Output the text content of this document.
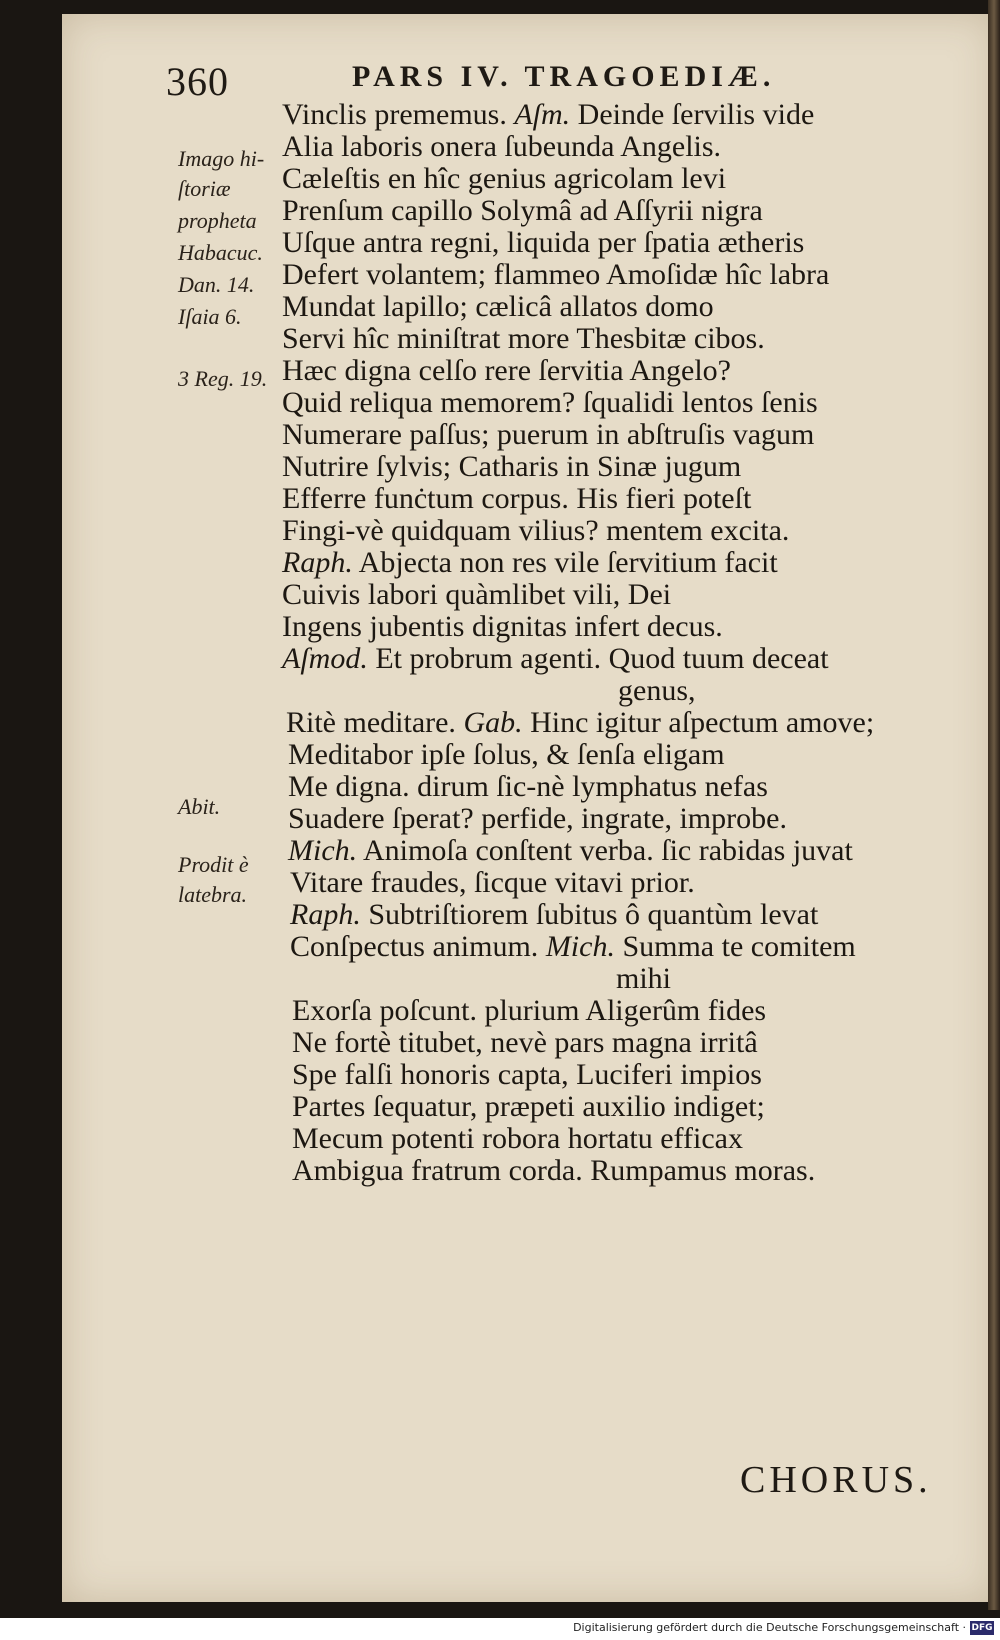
360	PARS IV. TRAGOEDIÆ.
Imago hi-
ſtoriæ
propheta
Habacuc.
Dan. 14.
Iſaia 6.
3 Reg. 19.
Abit.
Prodit è
latebra.
Vinclis prememus. Aſm. Deinde ſervilis vide
Alia laboris onera ſubeunda Angelis.
Cæleſtis en hîc genius agricolam levi
Prenſum capillo Solymâ ad Aſſyrii nigra
Uſque antra regni, liquida per ſpatia ætheris
Defert volantem; flammeo Amoſidæ hîc labra
Mundat lapillo; cælicâ allatos domo
Servi hîc miniſtrat more Thesbitæ cibos.
Hæc digna celſo rere ſervitia Angelo?
Quid reliqua memorem? ſqualidi lentos ſenis
Numerare paſſus; puerum in abſtruſis vagum
Nutrire ſylvis; Catharis in Sinæ jugum
Efferre funċtum corpus. His fieri poteſt
Fingi-vè quidquam vilius? mentem excita.
Raph. Abjecta non res vile ſervitium facit
Cuivis labori quàmlibet vili, Dei
Ingens jubentis dignitas infert decus.
Aſmod. Et probrum agenti. Quod tuum deceat
genus,
Ritè meditare. Gab. Hinc igitur aſpectum amove;
Meditabor ipſe ſolus, & ſenſa eligam
Me digna. dirum ſic-nè lymphatus nefas
Suadere ſperat? perfide, ingrate, improbe.
Mich. Animoſa conſtent verba. ſic rabidas juvat
Vitare fraudes, ſicque vitavi prior.
Raph. Subtriſtiorem ſubitus ô quantùm levat
Conſpectus animum. Mich. Summa te comitem
mihi
Exorſa poſcunt. plurium Aligerûm fides
Ne fortè titubet, nevè pars magna irritâ
Spe falſi honoris capta, Luciferi impios
Partes ſequatur, præpeti auxilio indiget;
Mecum potenti robora hortatu efficax
Ambigua fratrum corda. Rumpamus moras.
CHORUS.
Digitalisierung gefördert durch die Deutsche Forschungsgemeinschaft · DFG
